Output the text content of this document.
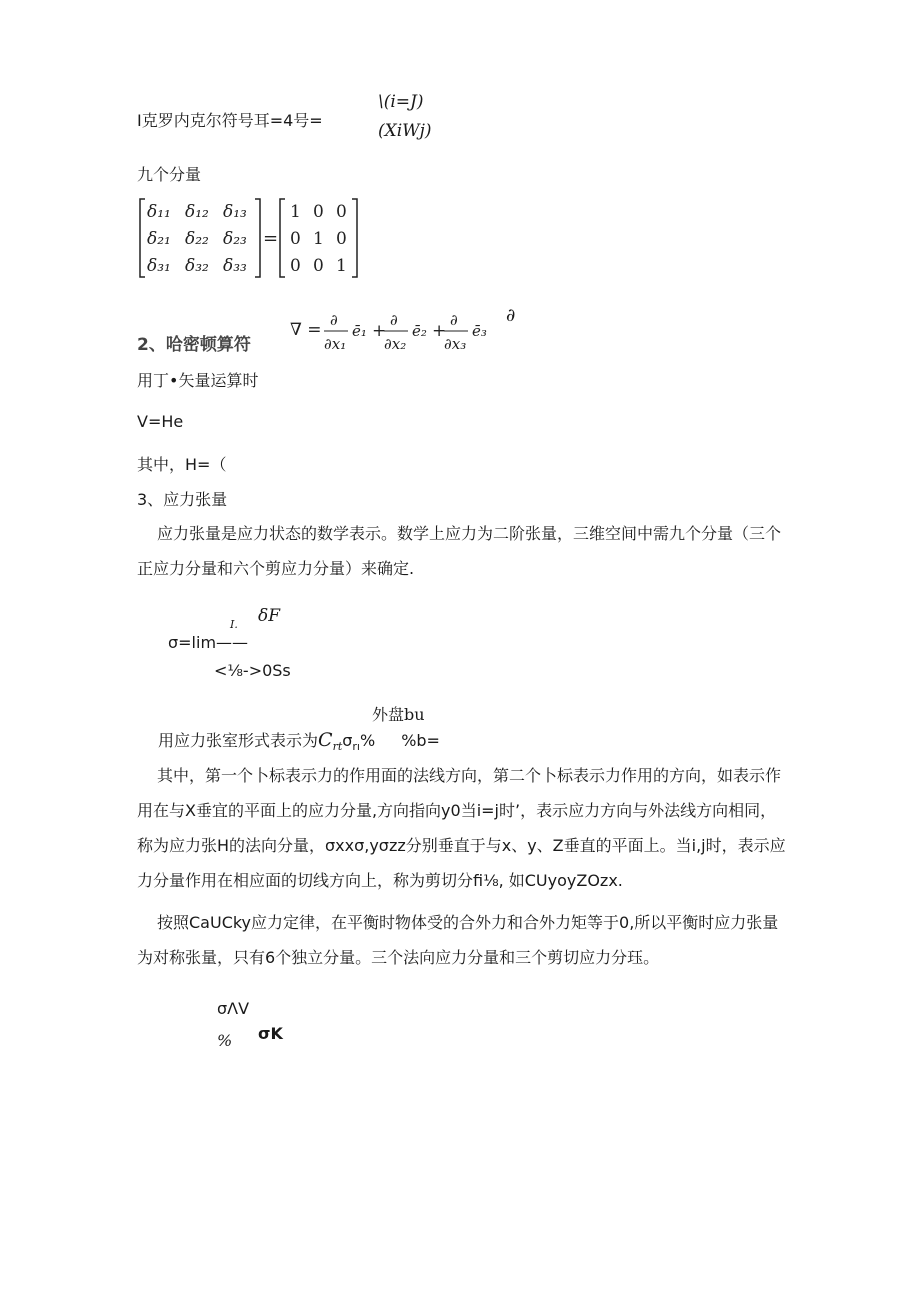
I克罗内克尔符号耳=4号=
\(i=J)
(XiWj)
九个分量
δ₁₁ δ₁₂ δ₁₃
δ₂₁ δ₂₂ δ₂₃
δ₃₁ δ₃₂ δ₃₃
=
1 0 0
0 1 0
0 0 1
2、哈密顿算符
∇ = ∂
∂x₁
ē₁ +
∂
∂x₂
ē₂ +
∂
∂x₃
ē₃
∂
用丁•矢量运算时
V=He
其中，H=（
3、应力张量
应力张量是应力状态的数学表示。数学上应力为二阶张量，三维空间中需九个分量（三个正应力分量和六个剪应力分量）来确定.
I. δF
σ=lim——
<⅛->0Ss
外盘bu
用应力张室形式表示为$C_{rt}\sigma_{rı}\%$ %b=
其中，第一个卜标表示力的作用面的法线方向，第二个卜标表示力作用的方向，如表示作用在与X垂宜的平面上的应力分量,方向指向y0当i=j时’，表示应力方向与外法线方向相同，称为应力张H的法向分量，σxxσ,yσzz分别垂直于与x、y、Z垂直的平面上。当i,j时，表示应力分量作用在相应面的切线方向上，称为剪切分fi⅛, 如CUyoyZOzx.
按照CaUCky应力定律，在平衡时物体受的合外力和合外力矩等于0,所以平衡时应力张量为对称张量，只有6个独立分量。三个法向应力分量和三个剪切应力分珏。
σΛV
% σK
